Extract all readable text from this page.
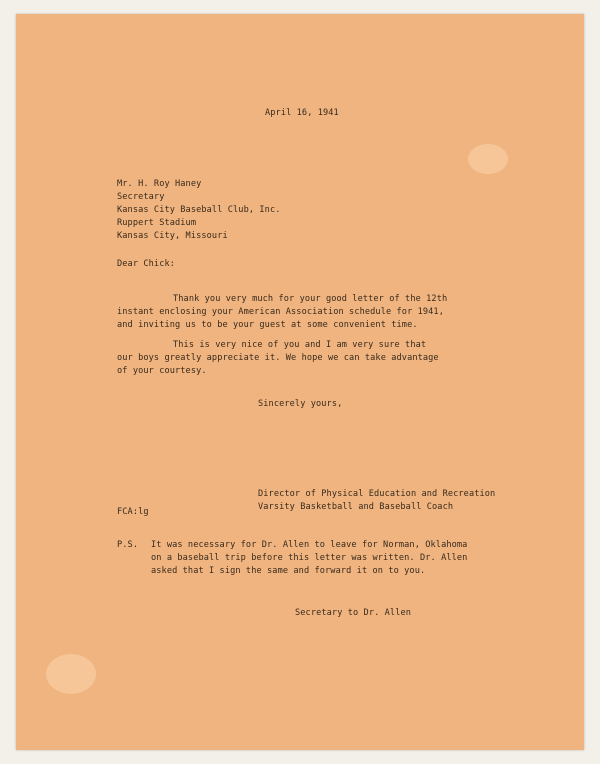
April 16, 1941
Mr. H. Roy Haney
Secretary
Kansas City Baseball Club, Inc.
Ruppert Stadium
Kansas City, Missouri
Dear Chick:
Thank you very much for your good letter of the 12th
instant enclosing your American Association schedule for 1941,
and inviting us to be your guest at some convenient time.
This is very nice of you and I am very sure that
our boys greatly appreciate it. We hope we can take advantage
of your courtesy.
Sincerely yours,
Director of Physical Education and Recreation
Varsity Basketball and Baseball Coach
FCA:lg
P.S. It was necessary for Dr. Allen to leave for Norman, Oklahoma
on a baseball trip before this letter was written. Dr. Allen
asked that I sign the same and forward it on to you.
Secretary to Dr. Allen
